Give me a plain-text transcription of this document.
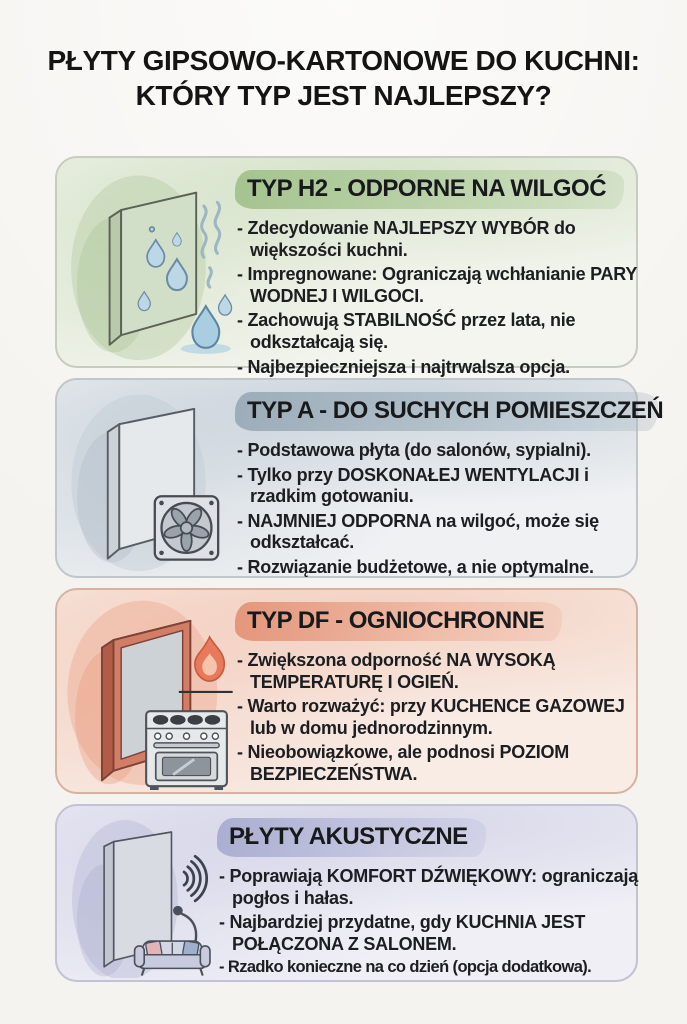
PŁYTY GIPSOWO-KARTONOWE DO KUCHNI:
KTÓRY TYP JEST NAJLEPSZY?
TYP H2 - ODPORNE NA WILGOĆ
- Zdecydowanie NAJLEPSZY WYBÓR do większości kuchni.
- Impregnowane: Ograniczają wchłanianie PARY WODNEJ I WILGOCI.
- Zachowują STABILNOŚĆ przez lata, nie odkształcają się.
- Najbezpieczniejsza i najtrwalsza opcja.
TYP A - DO SUCHYCH POMIESZCZEŃ
- Podstawowa płyta (do salonów, sypialni).
- Tylko przy DOSKONAŁEJ WENTYLACJI i rzadkim gotowaniu.
- NAJMNIEJ ODPORNA na wilgoć, może się odkształcać.
- Rozwiązanie budżetowe, a nie optymalne.
TYP DF - OGNIOCHRONNE
- Zwiększona odporność NA WYSOKĄ TEMPERATURĘ I OGIEŃ.
- Warto rozważyć: przy KUCHENCE GAZOWEJ lub w domu jednorodzinnym.
- Nieobowiązkowe, ale podnosi POZIOM BEZPIECZEŃSTWA.
PŁYTY AKUSTYCZNE
- Poprawiają KOMFORT DŹWIĘKOWY: ograniczają pogłos i hałas.
- Najbardziej przydatne, gdy KUCHNIA JEST POŁĄCZONA Z SALONEM.
- Rzadko konieczne na co dzień (opcja dodatkowa).
